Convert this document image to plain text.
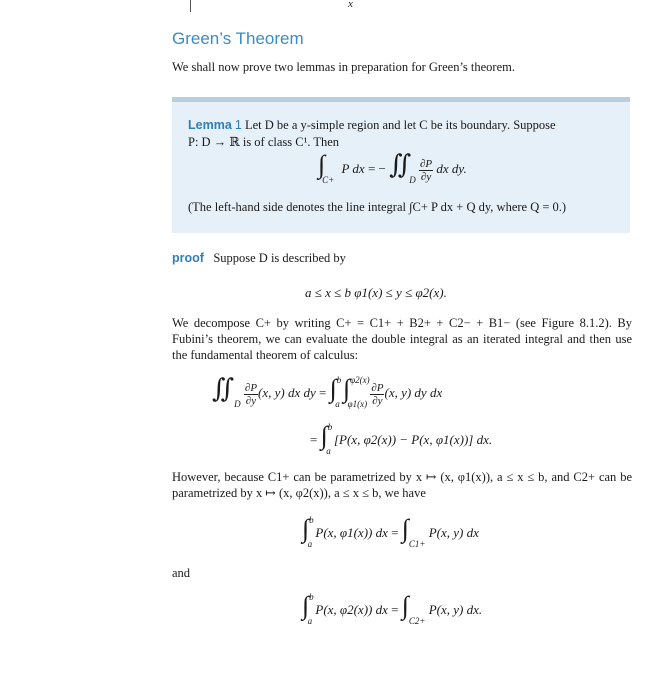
x
Green’s Theorem
We shall now prove two lemmas in preparation for Green’s theorem.
Lemma 1 Let D be a y-simple region and let C be its boundary. Suppose
P: D → ℝ is of class C¹. Then
$\int_{C+}$ P dx = − $∬_D \frac{\partial P}{\partial y}$ dx dy.
(The left-hand side denotes the line integral ∫C+ P dx + Q dy, where Q = 0.)
proof Suppose D is described by
a ≤ x ≤ b φ1(x) ≤ y ≤ φ2(x).
We decompose C+ by writing C+ = C1+ + B2+ + C2− + B1− (see Figure 8.1.2). By Fubini’s theorem, we can evaluate the double integral as an iterated integral and then use the fundamental theorem of calculus:
$∬_D \frac{\partial P}{\partial y} (x$, y) dx dy = ∫$^b_a$ $\int^{\varphi 2(x)}_{\varphi 1(x)} \frac{\partial P}{\partial y} (x$, y) dy dx
= ∫$^b_a$ [P(x, φ2(x)) − P(x, φ1(x))] dx.
However, because C1+ can be parametrized by x ↦ (x, φ1(x)), a ≤ x ≤ b, and C2+ can be parametrized by x ↦ (x, φ2(x)), a ≤ x ≤ b, we have
∫$^b_a$ P(x, φ1(x)) dx = $\int_{C1+}$ P(x, y) dx
and
∫$^b_a$ P(x, φ2(x)) dx = $\int_{C2+}$ P(x, y) dx.
